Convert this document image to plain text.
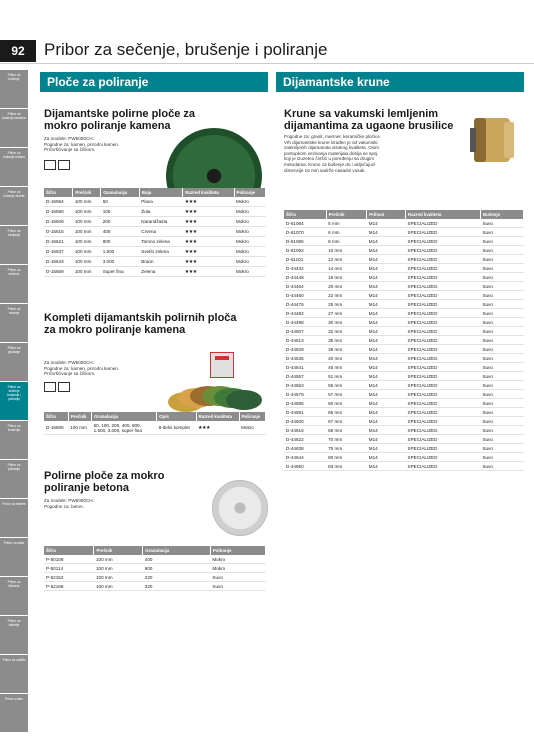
92	Pribor za sečenje, brušenje i poliranje
Pribor za bušenje
Pribor za bušenje kamena
Pribor za bušenje metala
Pribor za bušenje drveta
Pribor za odvijanje
Pribor za sečenje
Pribor za rezanje
Pribor za glodanje
Pribor za sečenje brušenje i poliranje
Pribor za brušenje
Pribor za poliranje
Pribor za testere
Pribor za alate
Pribor za čišćenje
Pribor za baterije
Pribor za zaštitu
Pribor ostalo
Ploče za poliranje	Dijamantske krune
Dijamantske polirne ploče za
mokro poliranje kamena
Za modele: PW5000CH.
Pogodne za: kamen, prirodni kamen.
Pričvršćivanje sa čičkom.
Šifra	Prečnik	Granulacija	Boja	Razred kvaliteta	Poliranje
D-15584	100 mm	50	Plava	★★★	Mokro
D-15590	100 mm	100	Žuta	★★★	Mokro
D-15609	100 mm	200	Narandžasta	★★★	Mokro
D-15615	100 mm	400	Crvena	★★★	Mokro
D-15621	100 mm	800	Tamno zelena	★★★	Mokro
D-15637	100 mm	1.500	Svetlo zelena	★★★	Mokro
D-15643	100 mm	3.000	Braon	★★★	Mokro
D-15659	100 mm	Super fina	Zelena	★★★	Mokro
Kompleti dijamantskih polirnih ploča
za mokro poliranje kamena
Za modele: PW5000CH.
Pogodne za: kamen, prirodni kamen.
Pričvršćivanje sa čičkom.
Šifra	Prečnik	Granulacija	Opis	Razred kvaliteta	Poliranje
D-15805	100 mm	50, 100, 200, 400, 800, 1.500, 3.000, super fina	8-delni komplet	★★★	Mokro
Polirne ploče za mokro
poliranje betona
Za modele: PW5000CH.
Pogodne za: beton.
Šifra	Prečnik	Granulacija	Poliranje
P-50108	100 mm	400	Mokro
P-50114	100 mm	600	Mokro
P-52152	100 mm	220	Suvo
P-52168	100 mm	320	Suvo
Krune sa vakumski lemljenim
dijamantima za ugaone brusilice
Pogodne za: granit, mermer, keramičke pločice.
Vrh dijamantske krune izrađen je od vakumski
zalemljenih dijamanata visokog kvaliteta. Ovim
postupkom vezivanja materijala dobija se spoj
koji je izuzetno čvršći u poređenju sa drugim
metodama. Krune za bušenje do i uključujući
dimenzije 16 mm sadrže nasadni vosak.
Šifra	Prečnik	Prihvat	Razred kvaliteta	Bušenje
D-61064	5 mm	M14	SPECIALIZED	Suvo
D-61070	6 mm	M14	SPECIALIZED	Suvo
D-61086	8 mm	M14	SPECIALIZED	Suvo
D-61092	10 mm	M14	SPECIALIZED	Suvo
D-61101	12 mm	M14	SPECIALIZED	Suvo
D-44432	14 mm	M14	SPECIALIZED	Suvo
D-44448	16 mm	M14	SPECIALIZED	Suvo
D-44454	20 mm	M14	SPECIALIZED	Suvo
D-44460	22 mm	M14	SPECIALIZED	Suvo
D-44476	25 mm	M14	SPECIALIZED	Suvo
D-44482	27 mm	M14	SPECIALIZED	Suvo
D-44498	30 mm	M14	SPECIALIZED	Suvo
D-44507	32 mm	M14	SPECIALIZED	Suvo
D-44513	35 mm	M14	SPECIALIZED	Suvo
D-44529	38 mm	M14	SPECIALIZED	Suvo
D-44535	40 mm	M14	SPECIALIZED	Suvo
D-44541	45 mm	M14	SPECIALIZED	Suvo
D-44557	51 mm	M14	SPECIALIZED	Suvo
D-44563	55 mm	M14	SPECIALIZED	Suvo
D-44579	57 mm	M14	SPECIALIZED	Suvo
D-44585	60 mm	M14	SPECIALIZED	Suvo
D-44591	65 mm	M14	SPECIALIZED	Suvo
D-44600	67 mm	M14	SPECIALIZED	Suvo
D-44616	68 mm	M14	SPECIALIZED	Suvo
D-44622	70 mm	M14	SPECIALIZED	Suvo
D-44638	75 mm	M14	SPECIALIZED	Suvo
D-44644	80 mm	M14	SPECIALIZED	Suvo
D-44650	83 mm	M14	SPECIALIZED	Suvo
